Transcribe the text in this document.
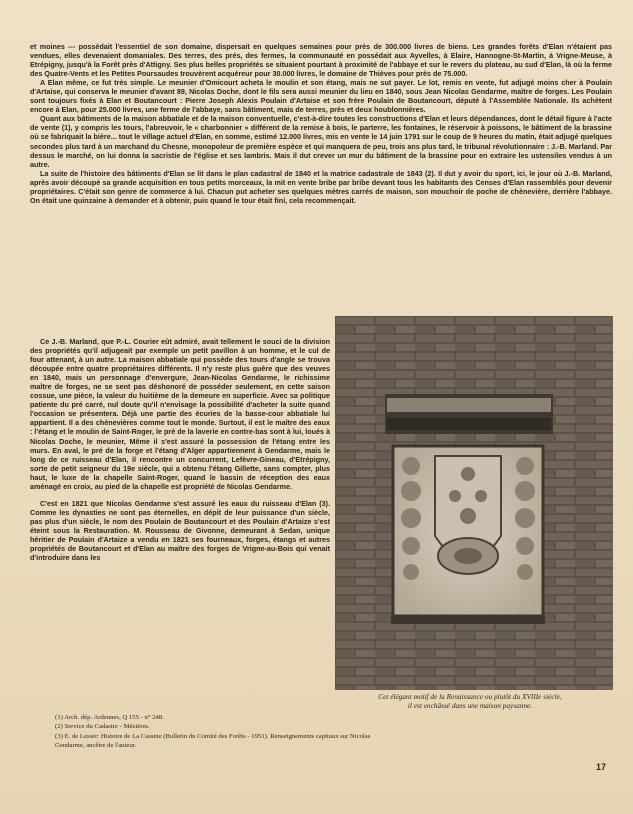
et moines --- possédait l'essentiel de son domaine, dispersait en quelques semaines pour près de 300.000 livres de biens. Les grandes forêts d'Elan n'étaient pas vendues, elles devenaient domaniales. Des terres, des prés, des fermes, la communauté en possédait aux Ayvelles, à Elaire, Hannogne-St-Martin, à Vrigne-Meuse, à Etrépigny, jusqu'à la Forêt près d'Attigny. Ses plus belles propriétés se situaient pourtant à proximité de l'abbaye et sur le revers du plateau, au sud d'Elan, là où la ferme des Quatre-Vents et les Petites Poursaudes trouvèrent acquéreur pour 30.000 livres, le domaine de Thièves pour près de 75.000.

A Elan même, ce fut très simple. Le meunier d'Omicourt acheta le moulin et son étang, mais ne sut payer. Le lot, remis en vente, fut adjugé moins cher à Poulain d'Artaise, qui conserva le meunier d'avant 89, Nicolas Doche, dont le fils sera aussi meunier du lieu en 1840, sous Jean Nicolas Gendarme, maître de forges. Les Poulain sont toujours fixés à Elan et Boutancourt : Pierre Joseph Alexis Poulain d'Artaise et son frère Poulain de Boutancourt, député à l'Assemblée Nationale. Ils achètent encore à Elan, pour 25.000 livres, une ferme de l'abbaye, sans bâtiment, mais de terres, prés et deux houblonnières.

Quant aux bâtiments de la maison abbatiale et de la maison conventuelle, c'est-à-dire toutes les constructions d'Elan et leurs dépendances, dont le détail figure à l'acte de vente (1), y compris les tours, l'abreuvoir, le « charbonnier » différent de la remise à bois, le parterre, les fontaines, le réservoir à poissons, le bâtiment de la brassine où se fabriquait la bière... tout le village actuel d'Elan, en somme, estimé 12.000 livres, mis en vente le 14 juin 1791 sur le coup de 9 heures du matin, était adjugé quelques secondes plus tard à un marchand du Chesne, monopoleur de première espèce et qui manquera de peu, trois ans plus tard, le tribunal révolutionnaire : J.-B. Marland. Par dessus le marché, on lui donna la sacristie de l'église et ses lambris. Mais il dut crever un mur du bâtiment de la brassine pour en extraire les ustensiles vendus à un autre.

La suite de l'histoire des bâtiments d'Elan se lit dans le plan cadastral de 1840 et la matrice cadastrale de 1843 (2). Il dut y avoir du sport, ici, le jour où J.-B. Marland, après avoir découpé sa grande acquisition en tous petits morceaux, la mit en vente bribe par bribe devant tous les habitants des Censes d'Elan rassemblés pour devenir propriétaires. C'était son genre de commerce à lui. Chacun put acheter ses quelques mètres carrés de maison, son mouchoir de poche de chènevière, derrière l'abbaye. On était une quinzaine à demander et à obtenir, puis quand le tour était fini, cela recommençait.

Ce J.-B. Marland, que P.-L. Courier eût admiré, avait tellement le souci de la division des propriétés qu'il adjugeait par exemple un petit pavillon à un homme, et le cul de four attenant, à un autre. La maison abbatiale qui possède des tours d'angle se trouva découpée entre quatre propriétaires différents. Il n'y reste plus guère que des veuves en 1840, mais un personnage d'envergure, Jean-Nicolas Gendarme, le richissime maître de forges, ne se sent pas déshonoré de posséder seulement, en cette saison cossue, une pièce, la valeur du huitième de la demeure en superficie. Avec sa politique patiente du pré carré, nul doute qu'il n'envisage la possibilité d'acheter la suite quand l'occasion se présentera. Déjà une partie des écuries de la basse-cour abbatiale lui appartient. Il a des chènevières comme tout le monde. Surtout, il est le maître des eaux : l'étang et le moulin de Saint-Roger, le pré de la laverie en contre-bas sont à lui, loués à Nicolas Doche, le meunier, Même il s'est assuré la possession de l'étang entre les murs. En aval, le pré de la forge et l'étang d'Alger appartiennent à Gendarme, mais le long de ce ruisseau d'Elan, il rencontre un concurrent, Lefèvre-Gineau, d'Etrépigny, sorte de petit seigneur du 19e siècle, qui a obtenu l'étang Gillette, sans compter, plus haut, le luxe de la chapelle Saint-Roger, quand le bassin de réception des eaux aménagé en croix, au pied de la chapelle est propriété de Nicolas Gendarme.

C'est en 1821 que Nicolas Gendarme s'est assuré les eaux du ruisseau d'Elan (3). Comme les dynasties ne sont pas éternelles, en dépit de leur puissance d'un siècle, pas plus d'un siècle, le nom des Poulain de Boutancourt et des Poulain d'Artaize s'est éteint sous la Restauration. M. Rousseau de Givonne, demeurant à Sedan, unique héritier de Poulain d'Artaize a vendu en 1821 ses fourneaux, forges, étangs et autres propriétés de Boutancourt et d'Elan au maître des forges de Vrigne-au-Bois qui venait d'introduire dans les

Cet élégant motif de la Renaissance ou plutôt du XVIIIe siècle,
il est enchâssé dans une maison paysanne.
(1) Arch. dép. Ardennes, Q 155 - n° 248.
(2) Service du Cadastre - Mézières.
(3) E. de Lesser: Histoire de La Cassine (Bulletin du Comité des Forêts - 1951). Renseignements capitaux sur Nicolas
Gendarme, ancêtre de l'auteur.
17
